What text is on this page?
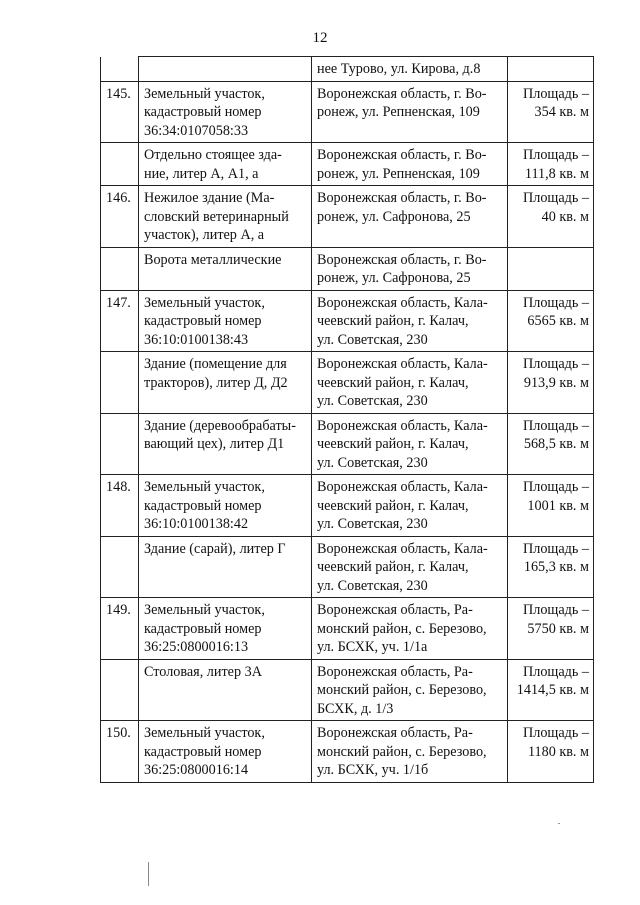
12

		нее Турово, ул. Кирова, д.8	

145.	Земельный участок,
кадастровый номер
36:34:0107058:33	Воронежская область, г. Во-
ронеж, ул. Репненская, 109	Площадь –
354 кв. м

	Отдельно стоящее зда-
ние, литер А, А1, а	Воронежская область, г. Во-
ронеж, ул. Репненская, 109	Площадь –
111,8 кв. м

146.	Нежилое здание (Ма-
словский ветеринарный
участок), литер А, а	Воронежская область, г. Во-
ронеж, ул. Сафронова, 25	Площадь –
40 кв. м

	Ворота металлические	Воронежская область, г. Во-
ронеж, ул. Сафронова, 25	

147.	Земельный участок,
кадастровый номер
36:10:0100138:43	Воронежская область, Кала-
чеевский район, г. Калач,
ул. Советская, 230	Площадь –
6565 кв. м

	Здание (помещение для
тракторов), литер Д, Д2	Воронежская область, Кала-
чеевский район, г. Калач,
ул. Советская, 230	Площадь –
913,9 кв. м

	Здание (деревообрабаты-
вающий цех), литер Д1	Воронежская область, Кала-
чеевский район, г. Калач,
ул. Советская, 230	Площадь –
568,5 кв. м

148.	Земельный участок,
кадастровый номер
36:10:0100138:42	Воронежская область, Кала-
чеевский район, г. Калач,
ул. Советская, 230	Площадь –
1001 кв. м

	Здание (сарай), литер Г	Воронежская область, Кала-
чеевский район, г. Калач,
ул. Советская, 230	Площадь –
165,3 кв. м

149.	Земельный участок,
кадастровый номер
36:25:0800016:13	Воронежская область, Ра-
монский район, с. Березово,
ул. БСХК, уч. 1/1а	Площадь –
5750 кв. м

	Столовая, литер 3А	Воронежская область, Ра-
монский район, с. Березово,
БСХК, д. 1/3	Площадь –
1414,5 кв. м

150.	Земельный участок,
кадастровый номер
36:25:0800016:14	Воронежская область, Ра-
монский район, с. Березово,
ул. БСХК, уч. 1/1б	Площадь –
1180 кв. м
